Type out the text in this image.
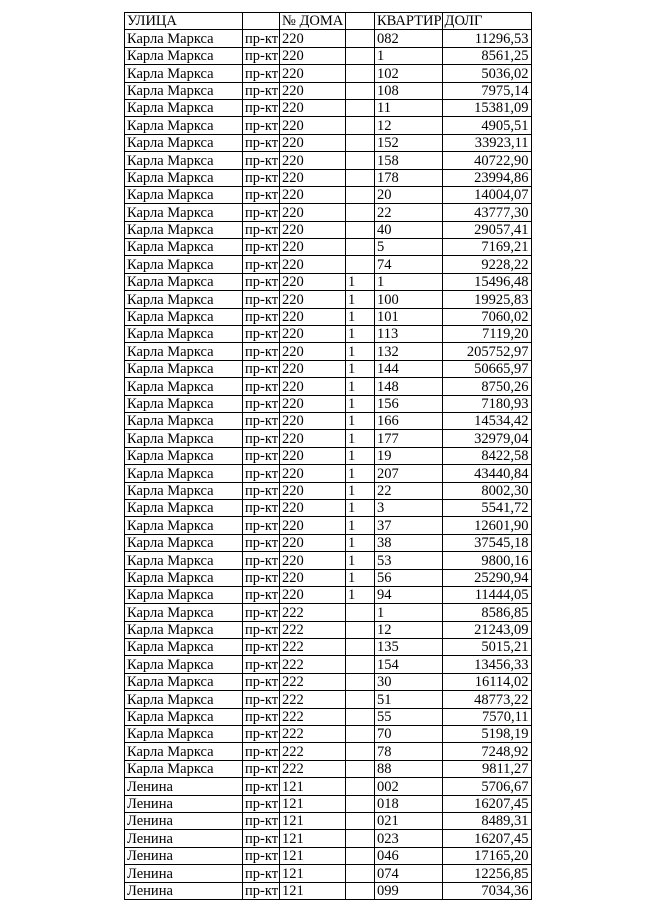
УЛИЦА		№ ДОМА		КВАРТИР	ДОЛГ
Карла Маркса	пр-кт	220		082	11296,53
Карла Маркса	пр-кт	220		1	8561,25
Карла Маркса	пр-кт	220		102	5036,02
Карла Маркса	пр-кт	220		108	7975,14
Карла Маркса	пр-кт	220		11	15381,09
Карла Маркса	пр-кт	220		12	4905,51
Карла Маркса	пр-кт	220		152	33923,11
Карла Маркса	пр-кт	220		158	40722,90
Карла Маркса	пр-кт	220		178	23994,86
Карла Маркса	пр-кт	220		20	14004,07
Карла Маркса	пр-кт	220		22	43777,30
Карла Маркса	пр-кт	220		40	29057,41
Карла Маркса	пр-кт	220		5	7169,21
Карла Маркса	пр-кт	220		74	9228,22
Карла Маркса	пр-кт	220	1	1	15496,48
Карла Маркса	пр-кт	220	1	100	19925,83
Карла Маркса	пр-кт	220	1	101	7060,02
Карла Маркса	пр-кт	220	1	113	7119,20
Карла Маркса	пр-кт	220	1	132	205752,97
Карла Маркса	пр-кт	220	1	144	50665,97
Карла Маркса	пр-кт	220	1	148	8750,26
Карла Маркса	пр-кт	220	1	156	7180,93
Карла Маркса	пр-кт	220	1	166	14534,42
Карла Маркса	пр-кт	220	1	177	32979,04
Карла Маркса	пр-кт	220	1	19	8422,58
Карла Маркса	пр-кт	220	1	207	43440,84
Карла Маркса	пр-кт	220	1	22	8002,30
Карла Маркса	пр-кт	220	1	3	5541,72
Карла Маркса	пр-кт	220	1	37	12601,90
Карла Маркса	пр-кт	220	1	38	37545,18
Карла Маркса	пр-кт	220	1	53	9800,16
Карла Маркса	пр-кт	220	1	56	25290,94
Карла Маркса	пр-кт	220	1	94	11444,05
Карла Маркса	пр-кт	222		1	8586,85
Карла Маркса	пр-кт	222		12	21243,09
Карла Маркса	пр-кт	222		135	5015,21
Карла Маркса	пр-кт	222		154	13456,33
Карла Маркса	пр-кт	222		30	16114,02
Карла Маркса	пр-кт	222		51	48773,22
Карла Маркса	пр-кт	222		55	7570,11
Карла Маркса	пр-кт	222		70	5198,19
Карла Маркса	пр-кт	222		78	7248,92
Карла Маркса	пр-кт	222		88	9811,27
Ленина	пр-кт	121		002	5706,67
Ленина	пр-кт	121		018	16207,45
Ленина	пр-кт	121		021	8489,31
Ленина	пр-кт	121		023	16207,45
Ленина	пр-кт	121		046	17165,20
Ленина	пр-кт	121		074	12256,85
Ленина	пр-кт	121		099	7034,36
